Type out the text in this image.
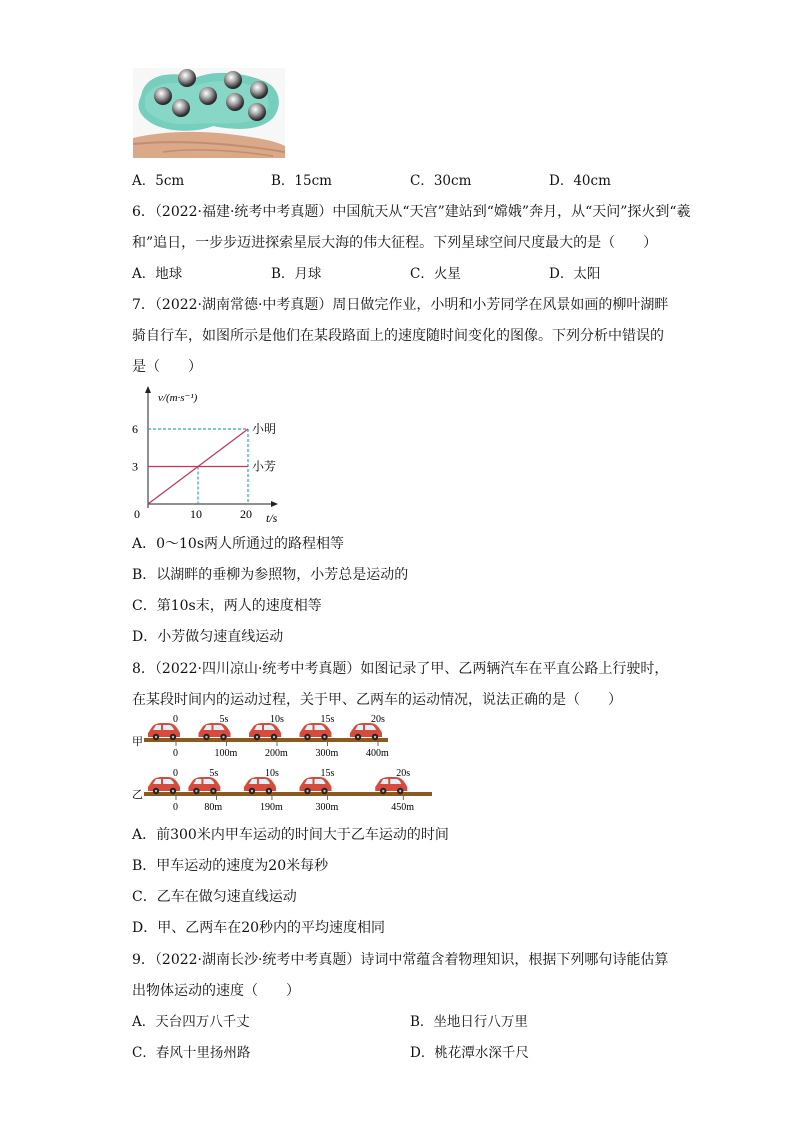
A．5cm	B．15cm	C．30cm	D．40cm
6．（2022·福建·统考中考真题）中国航天从“天宫”建站到“嫦娥”奔月，从“天问”探火到“羲
和”追日，一步步迈进探索星辰大海的伟大征程。下列星球空间尺度最大的是（　　）
A．地球	B．月球	C．火星	D．太阳
7．（2022·湖南常德·中考真题）周日做完作业，小明和小芳同学在风景如画的柳叶湖畔
骑自行车，如图所示是他们在某段路面上的速度随时间变化的图像。下列分析中错误的
是（　　）
v/(m·s⁻¹)
t/s
0
小明
小芳
3
6
10	20
A．0～10s两人所通过的路程相等
B．以湖畔的垂柳为参照物，小芳总是运动的
C．第10s末，两人的速度相等
D．小芳做匀速直线运动
8．（2022·四川凉山·统考中考真题）如图记录了甲、乙两辆汽车在平直公路上行驶时，
在某段时间内的运动过程，关于甲、乙两车的运动情况，说法正确的是（　　）
甲
乙
0
0
5s
100m
10s
200m
15s
300m
20s
400m
0
0
5s
80m
10s
190m
15s
300m
20s
450m
A．前300米内甲车运动的时间大于乙车运动的时间
B．甲车运动的速度为20米每秒
C．乙车在做匀速直线运动
D．甲、乙两车在20秒内的平均速度相同
9．（2022·湖南长沙·统考中考真题）诗词中常蕴含着物理知识，根据下列哪句诗能估算
出物体运动的速度（　　）
A．天台四万八千丈	B．坐地日行八万里
C．春风十里扬州路	D．桃花潭水深千尺
